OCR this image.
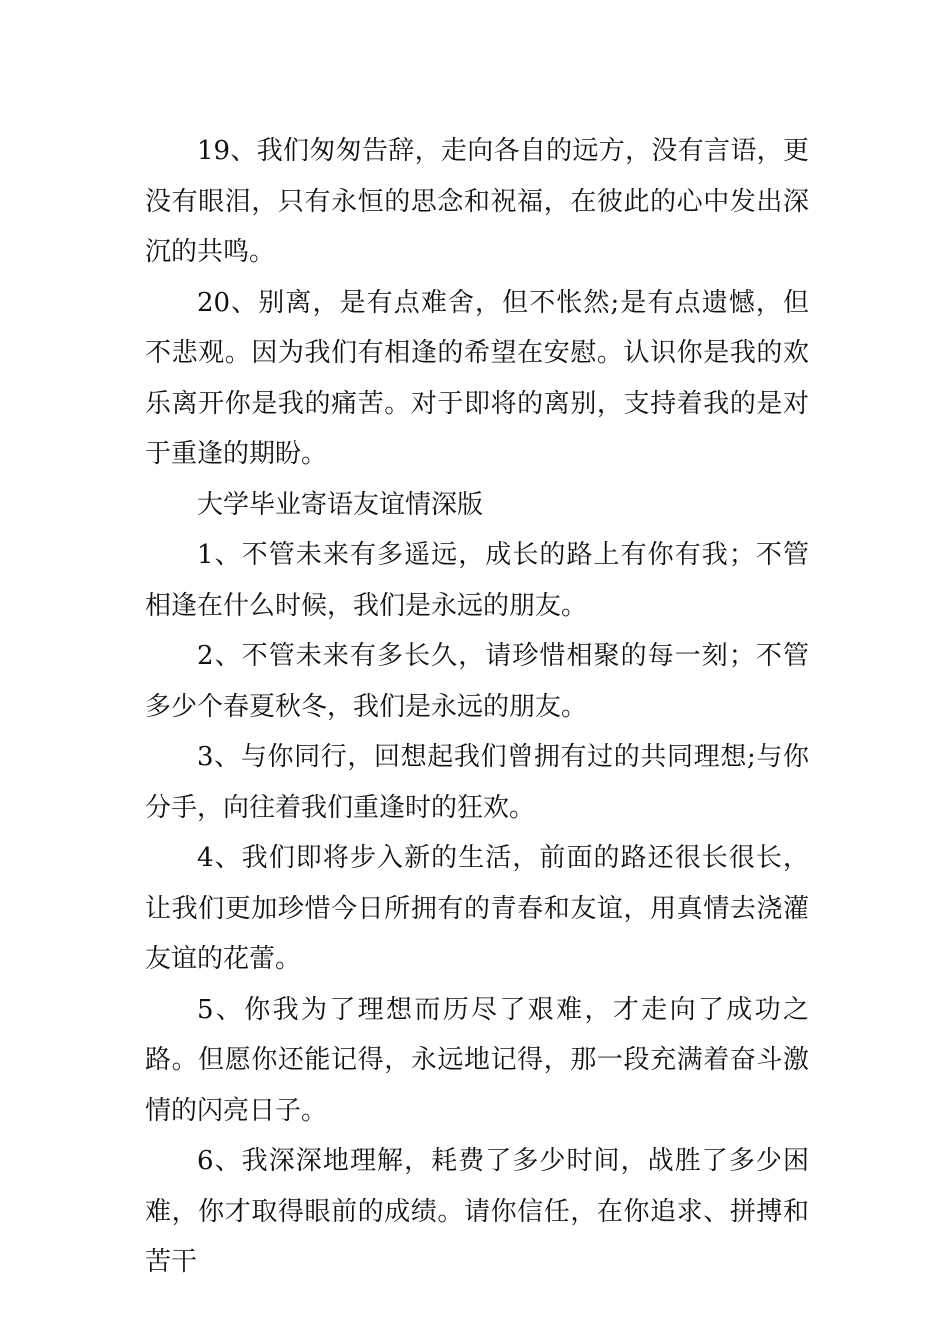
19、我们匆匆告辞，走向各自的远方，没有言语，更没有眼泪，只有永恒的思念和祝福，在彼此的心中发出深沉的共鸣。

20、别离，是有点难舍，但不怅然;是有点遗憾，但不悲观。因为我们有相逢的希望在安慰。认识你是我的欢乐离开你是我的痛苦。对于即将的离别，支持着我的是对于重逢的期盼。

大学毕业寄语友谊情深版

1、不管未来有多遥远，成长的路上有你有我；不管相逢在什么时候，我们是永远的朋友。

2、不管未来有多长久，请珍惜相聚的每一刻；不管多少个春夏秋冬，我们是永远的朋友。

3、与你同行，回想起我们曾拥有过的共同理想;与你分手，向往着我们重逢时的狂欢。

4、我们即将步入新的生活，前面的路还很长很长，让我们更加珍惜今日所拥有的青春和友谊，用真情去浇灌友谊的花蕾。

5、你我为了理想而历尽了艰难，才走向了成功之路。但愿你还能记得，永远地记得，那一段充满着奋斗激情的闪亮日子。

6、我深深地理解，耗费了多少时间，战胜了多少困难，你才取得眼前的成绩。请你信任，在你追求、拼搏和苦干
